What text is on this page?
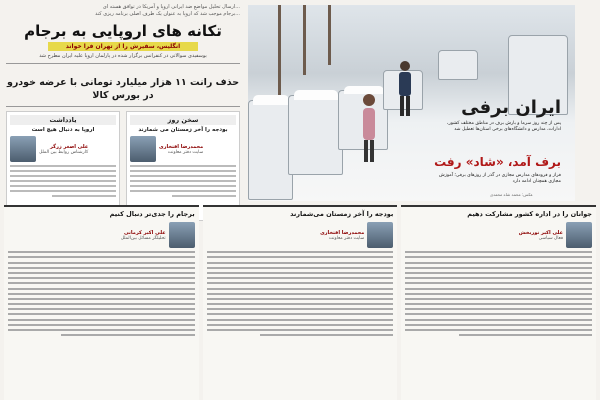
...ارسال تحلیل مواضع ضد ایرانی اروپا و آمریکا در توافق هسته ای
...برجام موجب شد که اروپا به عنوان یک طرف اصلی برنامه ریزی کند
تکانه های اروپایی به برجام
انگلیس، سفیرش را از تهران فرا خواند
بوسفیدی سوالاتی در کنفرانس برگزار شده در پارلمان اروپا علیه ایران مطرح شد
حذف رانت ۱۱ هزار میلیارد تومانی با عرضه خودرو در بورس کالا
سخن روز
بودجه را آخر زمستان می شمارند
محمدرضا افتخاری
سایت دفتر معاونت
یادداشت
اروپا به دنبال هیچ است
علی اصغر زرگر
کارشناس روابط بین الملل
ایران برفی
پس از چند روز سرما و بارش برف در مناطق مختلف کشور، ادارات، مدارس و دانشگاه‌های برخی استان‌ها تعطیل شد
برف آمد، «شاد» رفت
فراز و فرودهای مدارس مجازی در گذر از روزهای برفی؛ آموزش مجازی همچنان ادامه دارد
عکس: محمد شاه محمدی
جوانان را در اداره کشور مشارکت دهیم
علی‌ اکبر نوربخش
فعال سیاسی
بودجه را آخر زمستان می‌شمارند
محمدرضا افتخاری
سایت دفتر معاونت
برجام را جدی‌تر دنبال کنیم
علی اکبر کرمانی
تحلیلگر مسائل بین‌الملل
